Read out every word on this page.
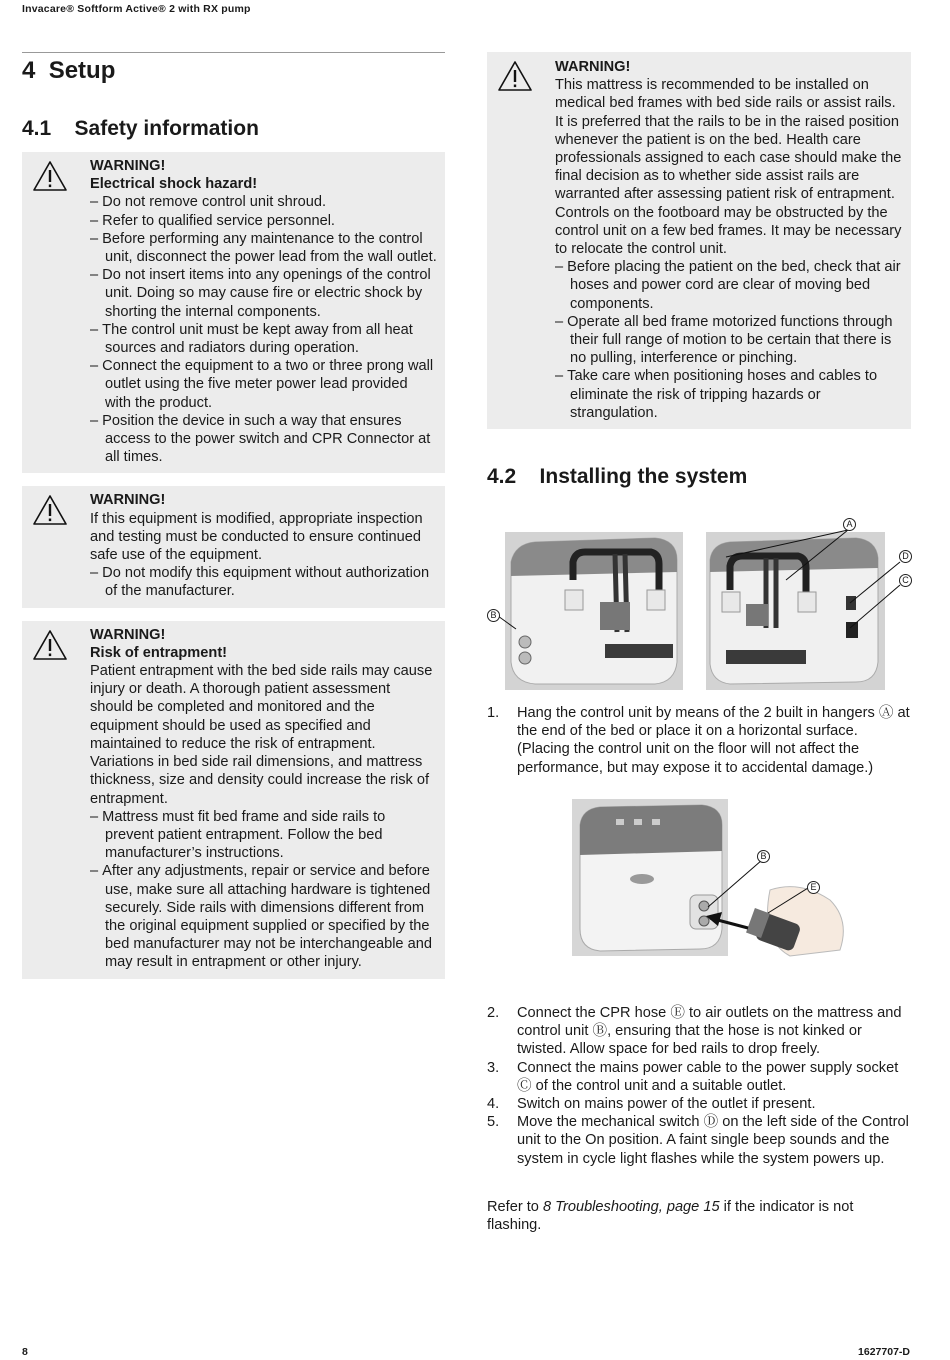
Invacare® Softform Active® 2 with RX pump
4 Setup
4.1 Safety information
WARNING!
Electrical shock hazard!
– Do not remove control unit shroud.
– Refer to qualified service personnel.
– Before performing any maintenance to the control unit, disconnect the power lead from the wall outlet.
– Do not insert items into any openings of the control unit. Doing so may cause fire or electric shock by shorting the internal components.
– The control unit must be kept away from all heat sources and radiators during operation.
– Connect the equipment to a two or three prong wall outlet using the five meter power lead provided with the product.
– Position the device in such a way that ensures access to the power switch and CPR Connector at all times.
WARNING!
If this equipment is modified, appropriate inspection and testing must be conducted to ensure continued safe use of the equipment.
– Do not modify this equipment without authorization of the manufacturer.
WARNING!
Risk of entrapment!
Patient entrapment with the bed side rails may cause injury or death. A thorough patient assessment should be completed and monitored and the equipment should be used as specified and maintained to reduce the risk of entrapment. Variations in bed side rail dimensions, and mattress thickness, size and density could increase the risk of entrapment.
– Mattress must fit bed frame and side rails to prevent patient entrapment. Follow the bed manufacturer’s instructions.
– After any adjustments, repair or service and before use, make sure all attaching hardware is tightened securely. Side rails with dimensions different from the original equipment supplied or specified by the bed manufacturer may not be interchangeable and may result in entrapment or other injury.
WARNING!
This mattress is recommended to be installed on medical bed frames with bed side rails or assist rails. It is preferred that the rails to be in the raised position whenever the patient is on the bed. Health care professionals assigned to each case should make the final decision as to whether side assist rails are warranted after assessing patient risk of entrapment.
Controls on the footboard may be obstructed by the control unit on a few bed frames. It may be necessary to relocate the control unit.
– Before placing the patient on the bed, check that air hoses and power cord are clear of moving bed components.
– Operate all bed frame motorized functions through their full range of motion to be certain that there is no pulling, interference or pinching.
– Take care when positioning hoses and cables to eliminate the risk of tripping hazards or strangulation.
4.2 Installing the system
A
D
C
B
1. Hang the control unit by means of the 2 built in hangers Ⓐ at the end of the bed or place it on a horizontal surface. (Placing the control unit on the floor will not affect the performance, but may expose it to accidental damage.)
B
E
2. Connect the CPR hose Ⓔ to air outlets on the mattress and control unit Ⓑ, ensuring that the hose is not kinked or twisted. Allow space for bed rails to drop freely.
3. Connect the mains power cable to the power supply socket Ⓒ of the control unit and a suitable outlet.
4. Switch on mains power of the outlet if present.
5. Move the mechanical switch Ⓓ on the left side of the Control unit to the On position. A faint single beep sounds and the system in cycle light flashes while the system powers up.
Refer to 8 Troubleshooting, page 15 if the indicator is not flashing.
8	1627707-D
